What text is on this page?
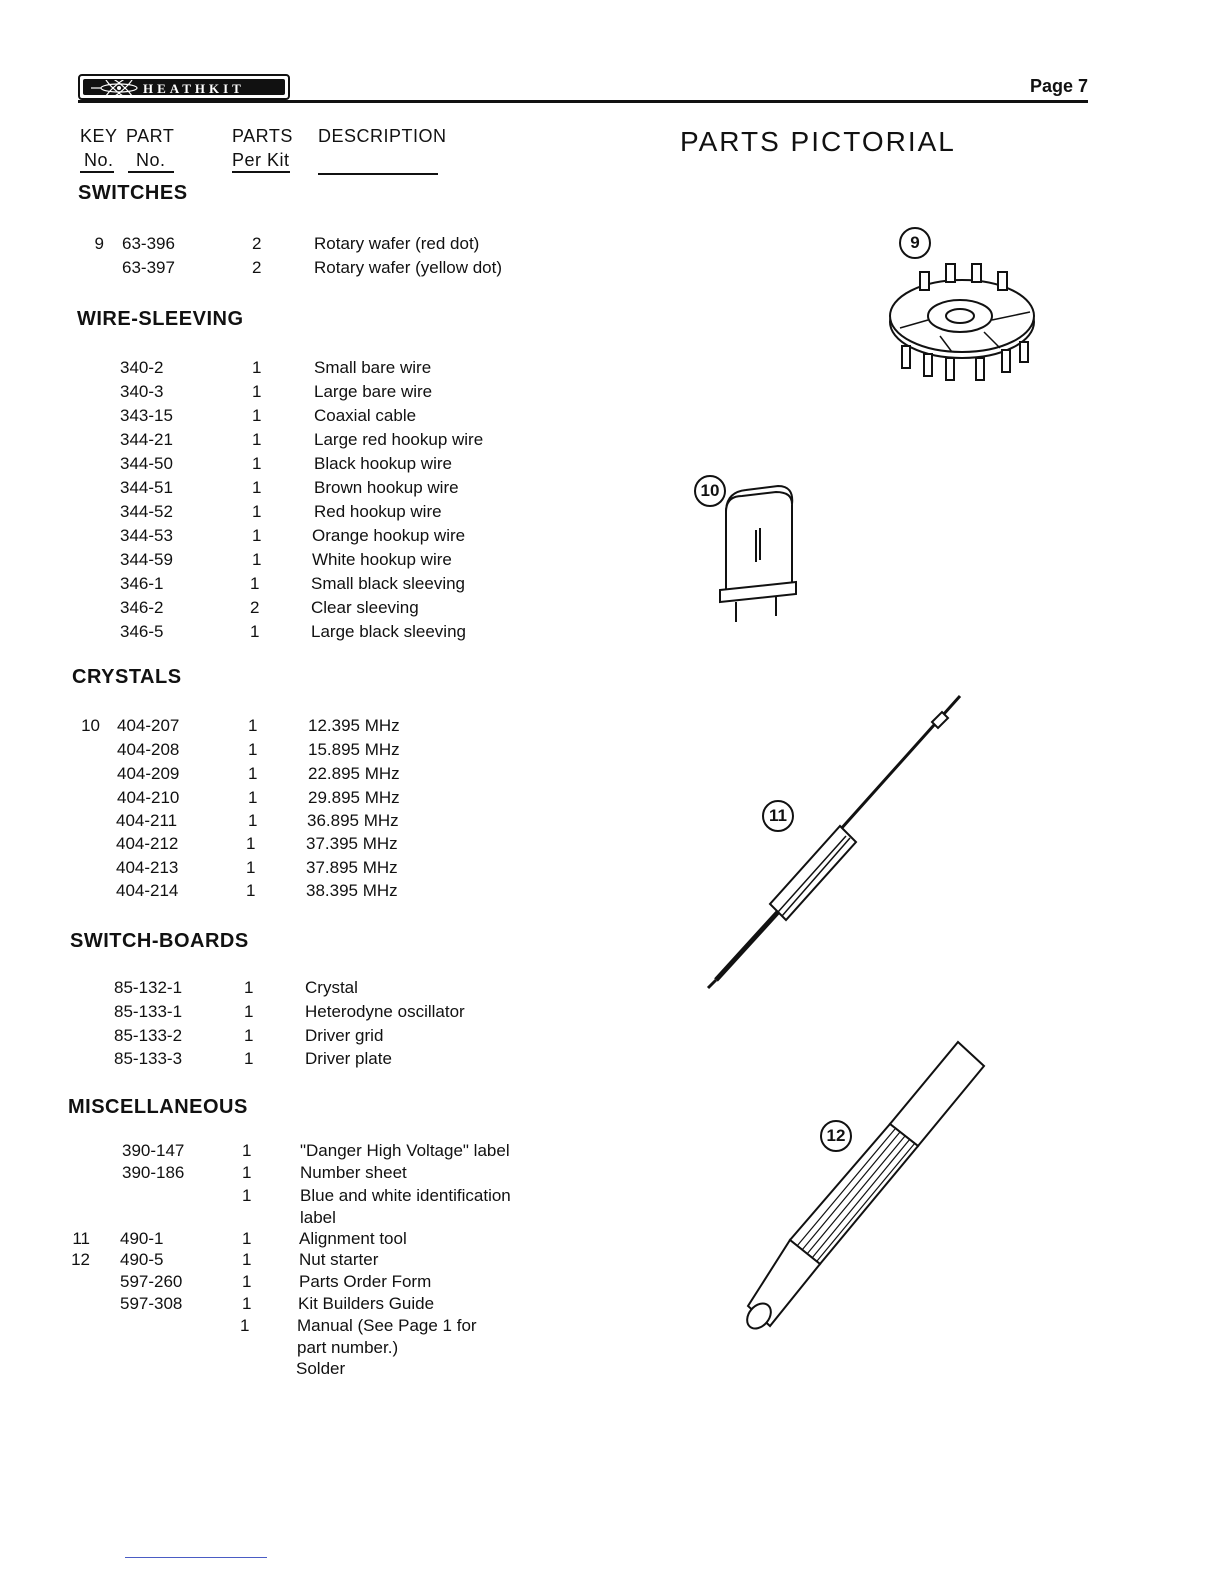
HEATHKIT	Page 7
KEY PART	PARTS DESCRIPTION
No. No.	Per Kit
SWITCHES
9 63-396	2	Rotary wafer (red dot)
63-397	2	Rotary wafer (yellow dot)
WIRE-SLEEVING
340-2	1	Small bare wire
340-3	1	Large bare wire
343-15	1	Coaxial cable
344-21	1	Large red hookup wire
344-50	1	Black hookup wire
344-51	1	Brown hookup wire
344-52	1	Red hookup wire
344-53	1	Orange hookup wire
344-59	1	White hookup wire
346-1	1	Small black sleeving
346-2	2	Clear sleeving
346-5	1	Large black sleeving
CRYSTALS
10 404-207	1	12.395 MHz
404-208	1	15.895 MHz
404-209	1	22.895 MHz
404-210	1	29.895 MHz
404-211	1	36.895 MHz
404-212	1	37.395 MHz
404-213	1	37.895 MHz
404-214	1	38.395 MHz
SWITCH-BOARDS
85-132-1	1	Crystal
85-133-1	1	Heterodyne oscillator
85-133-2	1	Driver grid
85-133-3	1	Driver plate
MISCELLANEOUS
390-147	1	"Danger High Voltage" label
390-186	1	Number sheet
1	Blue and white identification
label
11 490-1	1	Alignment tool
12 490-5	1	Nut starter
597-260	1	Parts Order Form
597-308	1	Kit Builders Guide
1	Manual (See Page 1 for
part number.)
Solder
PARTS PICTORIAL
9
10
11
12
